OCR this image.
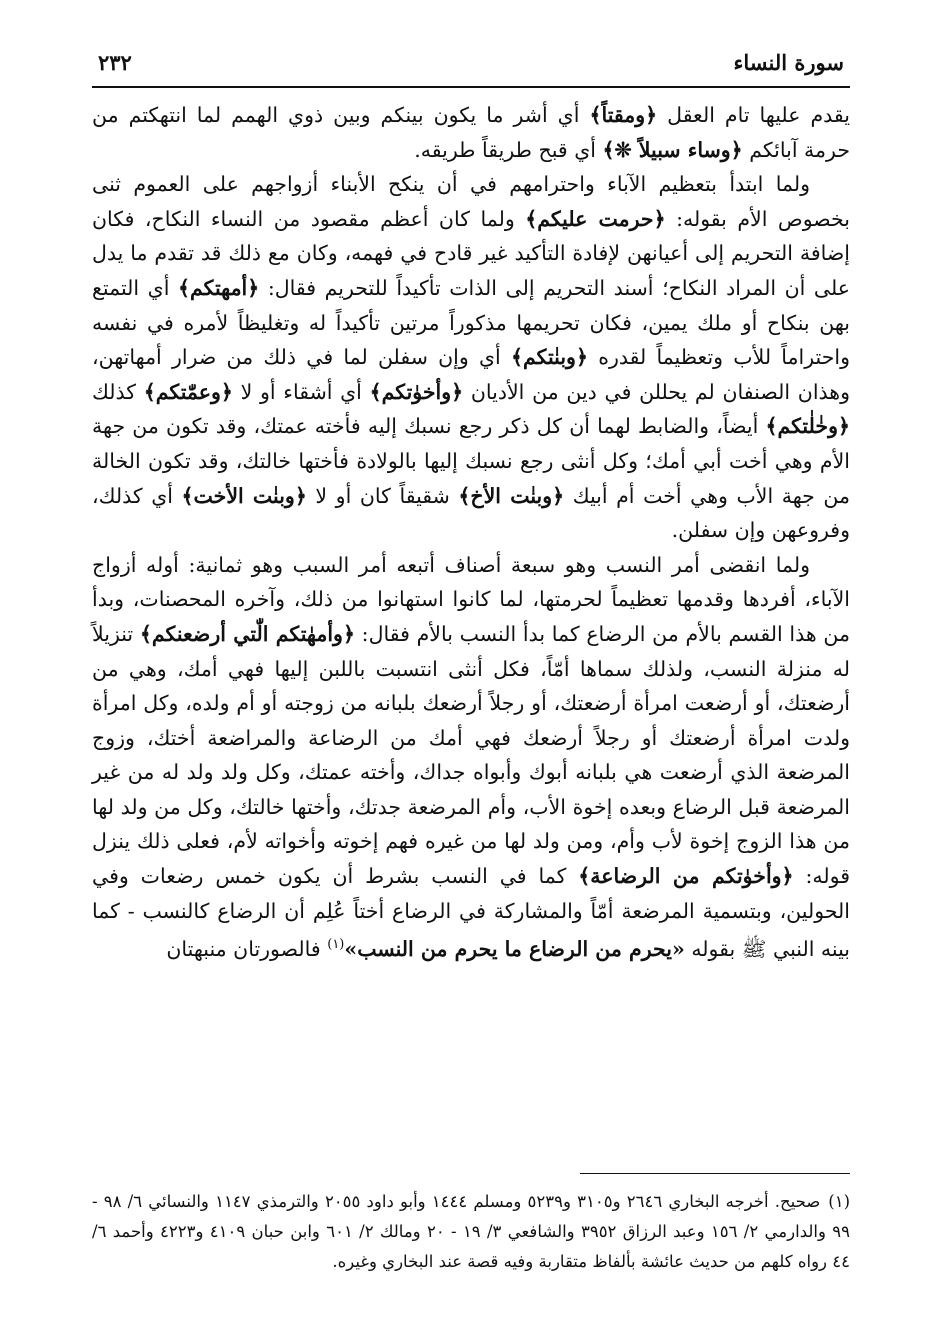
سورة النساء
٢٣٢

يقدم عليها تام العقل ﴿ومقتاً﴾ أي أشر ما يكون بينكم وبين ذوي الهمم لما انتهكتم من حرمة آبائكم ﴿وساء سبيلاً ❊﴾ أي قبح طريقاً طريقه.

ولما ابتدأ بتعظيم الآباء واحترامهم في أن ينكح الأبناء أزواجهم على العموم ثنى بخصوص الأم بقوله: ﴿حرمت عليكم﴾ ولما كان أعظم مقصود من النساء النكاح، فكان إضافة التحريم إلى أعيانهن لإفادة التأكيد غير قادح في فهمه، وكان مع ذلك قد تقدم ما يدل على أن المراد النكاح؛ أسند التحريم إلى الذات تأكيداً للتحريم فقال: ﴿أمهتكم﴾ أي التمتع بهن بنكاح أو ملك يمين، فكان تحريمها مذكوراً مرتين تأكيداً له وتغليظاً لأمره في نفسه واحتراماً للأب وتعظيماً لقدره ﴿وبنٰتكم﴾ أي وإن سفلن لما في ذلك من ضرار أمهاتهن، وهذان الصنفان لم يحللن في دين من الأديان ﴿وأخوٰتكم﴾ أي أشقاء أو لا ﴿وعمّٰتكم﴾ كذلك ﴿وخٰلٰتكم﴾ أيضاً، والضابط لهما أن كل ذكر رجع نسبك إليه فأخته عمتك، وقد تكون من جهة الأم وهي أخت أبي أمك؛ وكل أنثى رجع نسبك إليها بالولادة فأختها خالتك، وقد تكون الخالة من جهة الأب وهي أخت أم أبيك ﴿وبنٰت الأخ﴾ شقيقاً كان أو لا ﴿وبنٰت الأخت﴾ أي كذلك، وفروعهن وإن سفلن.

ولما انقضى أمر النسب وهو سبعة أصناف أتبعه أمر السبب وهو ثمانية: أوله أزواج الآباء، أفردها وقدمها تعظيماً لحرمتها، لما كانوا استهانوا من ذلك، وآخره المحصنات، وبدأ من هذا القسم بالأم من الرضاع كما بدأ النسب بالأم فقال: ﴿وأمهٰتكم الّٰتي أرضعنكم﴾ تنزيلاً له منزلة النسب، ولذلك سماها أمّاً، فكل أنثى انتسبت باللبن إليها فهي أمك، وهي من أرضعتك، أو أرضعت امرأة أرضعتك، أو رجلاً أرضعك بلبانه من زوجته أو أم ولده، وكل امرأة ولدت امرأة أرضعتك أو رجلاً أرضعك فهي أمك من الرضاعة والمراضعة أختك، وزوج المرضعة الذي أرضعت هي بلبانه أبوك وأبواه جداك، وأخته عمتك، وكل ولد ولد له من غير المرضعة قبل الرضاع وبعده إخوة الأب، وأم المرضعة جدتك، وأختها خالتك، وكل من ولد لها من هذا الزوج إخوة لأب وأم، ومن ولد لها من غيره فهم إخوته وأخواته لأم، فعلى ذلك ينزل قوله: ﴿وأخوٰتكم من الرضاعة﴾ كما في النسب بشرط أن يكون خمس رضعات وفي الحولين، وبتسمية المرضعة أمّاً والمشاركة في الرضاع أختاً عُلِم أن الرضاع كالنسب - كما بينه النبي ﷺ بقوله «يحرم من الرضاع ما يحرم من النسب»$^{(١)}$ فالصورتان منبهتان

(١)صحيح. أخرجه البخاري ٢٦٤٦ و٣١٠٥ و٥٢٣٩ ومسلم ١٤٤٤ وأبو داود ٢٠٥٥ والترمذي ١١٤٧ والنسائي ٦/ ٩٨ - ٩٩ والدارمي ٢/ ١٥٦ وعبد الرزاق ٣٩٥٢ والشافعي ٣/ ١٩ - ٢٠ ومالك ٢/ ٦٠١ وابن حبان ٤١٠٩ و٤٢٢٣ وأحمد ٦/ ٤٤ رواه كلهم من حديث عائشة بألفاظ متقاربة وفيه قصة عند البخاري وغيره.
